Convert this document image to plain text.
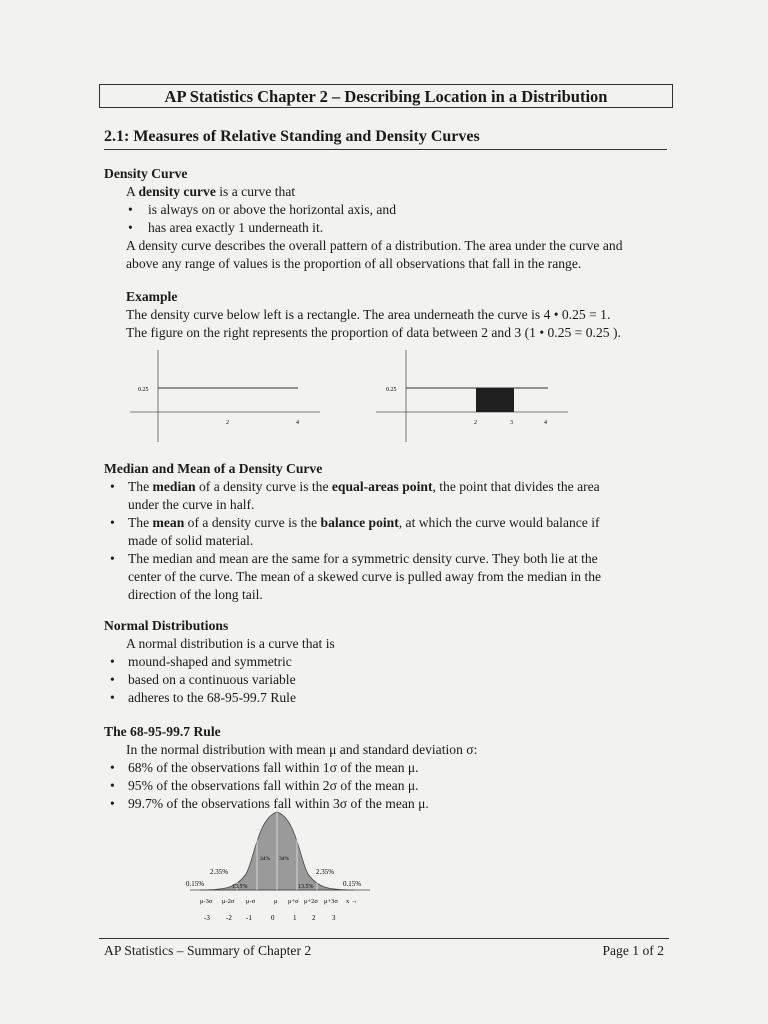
AP Statistics Chapter 2 – Describing Location in a Distribution
2.1: Measures of Relative Standing and Density Curves

Density Curve

A density curve is a curve that

• is always on or above the horizontal axis, and
• has area exactly 1 underneath it.

A density curve describes the overall pattern of a distribution. The area under the curve and

above any range of values is the proportion of all observations that fall in the range.

Example

The density curve below left is a rectangle. The area underneath the curve is 4 • 0.25 = 1.

The figure on the right represents the proportion of data between 2 and 3 (1 • 0.25 = 0.25 ).

0.25
2	4
0.25
2	3	4

Median and Mean of a Density Curve

• The median of a density curve is the equal-areas point, the point that divides the area
under the curve in half.
• The mean of a density curve is the balance point, at which the curve would balance if
made of solid material.
• The median and mean are the same for a symmetric density curve. They both lie at the
center of the curve. The mean of a skewed curve is pulled away from the median in the
direction of the long tail.

Normal Distributions

A normal distribution is a curve that is

• mound-shaped and symmetric
• based on a continuous variable
• adheres to the 68-95-99.7 Rule

The 68-95-99.7 Rule

In the normal distribution with mean μ and standard deviation σ:

• 68% of the observations fall within 1σ of the mean μ.
• 95% of the observations fall within 2σ of the mean μ.
• 99.7% of the observations fall within 3σ of the mean μ.
34% 34%
2.35%	2.35%
13.5%	13.5%
0.15%	0.15%
μ-3σ μ-2σ μ-σ	μ μ+σ μ+2σ μ+3σ x →
-3 -2 -1	0	1 2 3
AP Statistics – Summary of Chapter 2	Page 1 of 2
